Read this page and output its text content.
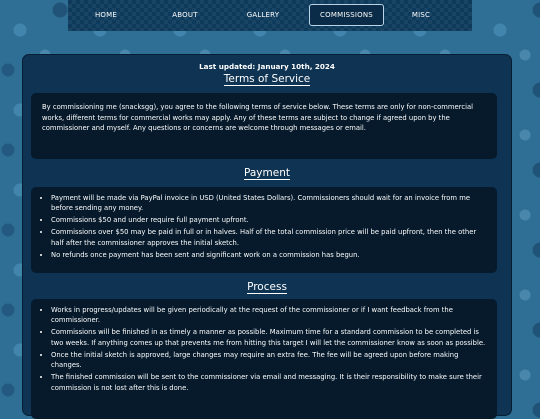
HOME	ABOUT	GALLERY	COMMISSIONS	MISC
Last updated: January 10th, 2024
Terms of Service

By commissioning me (snacksgg), you agree to the following terms of service below. These terms are only for non-commercial works, different terms for commercial works may apply. Any of these terms are subject to change if agreed upon by the commissioner and myself. Any questions or concerns are welcome through messages or email.

Payment
• Payment will be made via PayPal invoice in USD (United States Dollars). Commissioners should wait for an invoice from me before sending any money.
• Commissions $50 and under require full payment upfront.
• Commissions over $50 may be paid in full or in halves. Half of the total commission price will be paid upfront, then the other half after the commissioner approves the initial sketch.
• No refunds once payment has been sent and significant work on a commission has begun.
Process
• Works in progress/updates will be given periodically at the request of the commissioner or if I want feedback from the commissioner.
• Commissions will be finished in as timely a manner as possible. Maximum time for a standard commission to be completed is two weeks. If anything comes up that prevents me from hitting this target I will let the commissioner know as soon as possible.
• Once the initial sketch is approved, large changes may require an extra fee. The fee will be agreed upon before making changes.
• The finished commission will be sent to the commissioner via email and messaging. It is their responsibility to make sure their commission is not lost after this is done.
